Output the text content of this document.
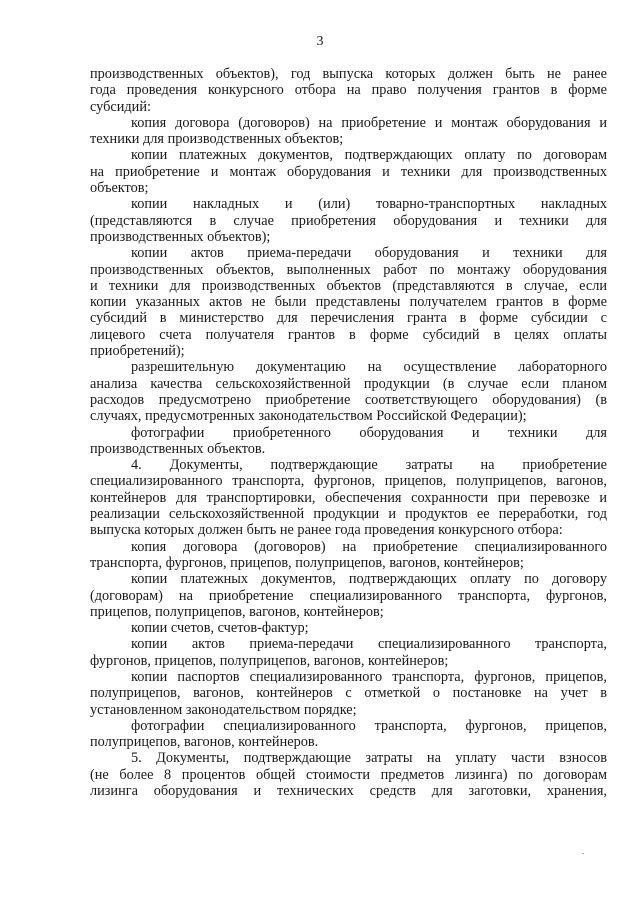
3
производственных объектов), год выпуска которых должен быть не ранее
года проведения конкурсного отбора на право получения грантов в форме
субсидий:
копия договора (договоров) на приобретение и монтаж оборудования и
техники для производственных объектов;
копии платежных документов, подтверждающих оплату по договорам
на приобретение и монтаж оборудования и техники для производственных
объектов;
копии накладных и (или) товарно-транспортных накладных
(представляются в случае приобретения оборудования и техники для
производственных объектов);
копии актов приема-передачи оборудования и техники для
производственных объектов, выполненных работ по монтажу оборудования
и техники для производственных объектов (представляются в случае, если
копии указанных актов не были представлены получателем грантов в форме
субсидий в министерство для перечисления гранта в форме субсидии с
лицевого счета получателя грантов в форме субсидий в целях оплаты
приобретений);
разрешительную документацию на осуществление лабораторного
анализа качества сельскохозяйственной продукции (в случае если планом
расходов предусмотрено приобретение соответствующего оборудования) (в
случаях, предусмотренных законодательством Российской Федерации);
фотографии приобретенного оборудования и техники для
производственных объектов.
4. Документы, подтверждающие затраты на приобретение
специализированного транспорта, фургонов, прицепов, полуприцепов, вагонов,
контейнеров для транспортировки, обеспечения сохранности при перевозке и
реализации сельскохозяйственной продукции и продуктов ее переработки, год
выпуска которых должен быть не ранее года проведения конкурсного отбора:
копия договора (договоров) на приобретение специализированного
транспорта, фургонов, прицепов, полуприцепов, вагонов, контейнеров;
копии платежных документов, подтверждающих оплату по договору
(договорам) на приобретение специализированного транспорта, фургонов,
прицепов, полуприцепов, вагонов, контейнеров;
копии счетов, счетов-фактур;
копии актов приема-передачи специализированного транспорта,
фургонов, прицепов, полуприцепов, вагонов, контейнеров;
копии паспортов специализированного транспорта, фургонов, прицепов,
полуприцепов, вагонов, контейнеров с отметкой о постановке на учет в
установленном законодательством порядке;
фотографии специализированного транспорта, фургонов, прицепов,
полуприцепов, вагонов, контейнеров.
5. Документы, подтверждающие затраты на уплату части взносов
(не более 8 процентов общей стоимости предметов лизинга) по договорам
лизинга оборудования и технических средств для заготовки, хранения,
